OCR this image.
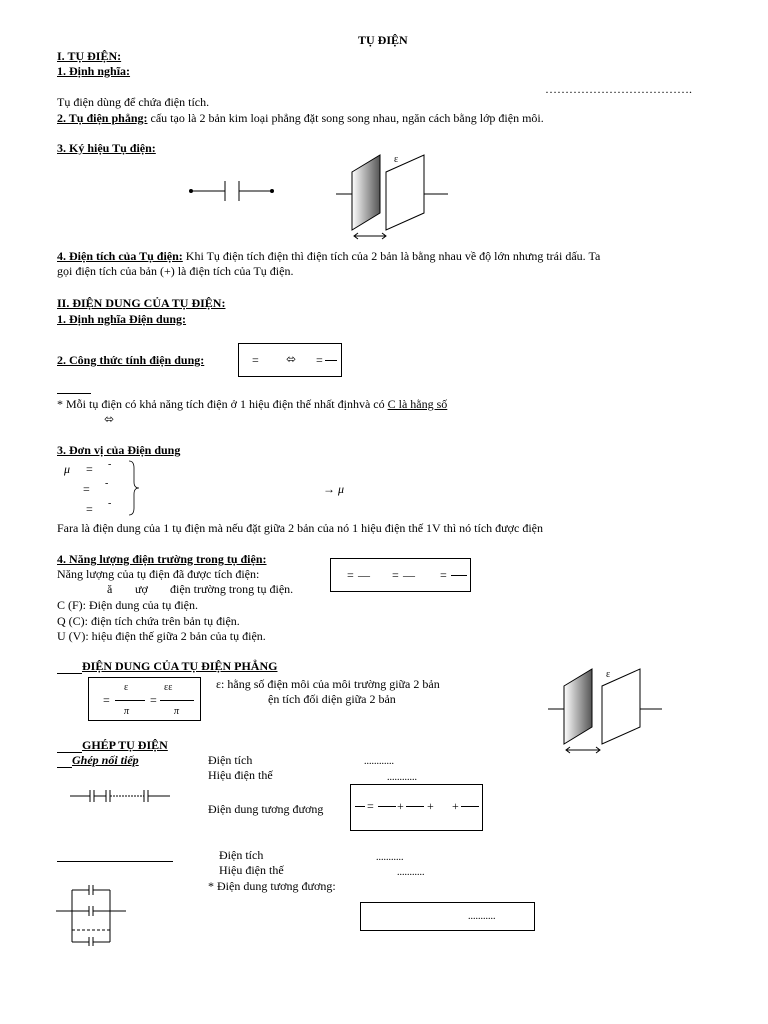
TỤ ĐIỆN
I. TỤ ĐIỆN:
1. Định nghĩa:
……………………………….
Tụ điện dùng để chứa điện tích.
2. Tụ điện phẳng: cấu tạo là 2 bản kim loại phẳng đặt song song nhau, ngăn cách bằng lớp điện môi.
3. Ký hiệu Tụ điện:
ε
4. Điện tích của Tụ điện: Khi Tụ điện tích điện thì điện tích của 2 bản là bằng nhau về độ lớn nhưng trái dấu. Ta
gọi điện tích của bản (+) là điện tích của Tụ điện.
II. ĐIỆN DUNG CỦA TỤ ĐIỆN:
1. Định nghĩa Điện dung:
2. Công thức tính điện dung:	= ⬄ =
* Mỗi tụ điện có khả năng tích điện ở 1 hiệu điện thế nhất địnhvà có C là hằng số
⬄
3. Đơn vị của Điện dung
μ = -
= -
= -
→ μ
Fara là điện dung của 1 tụ điện mà nếu đặt giữa 2 bản của nó 1 hiệu điện thế 1V thì nó tích được điện
4. Năng lượng điện trường trong tụ điện:
Năng lượng của tụ điện đã được tích điện:
ă ượ điện trường trong tụ điện.
C (F): Điện dung của tụ điện.
Q (C): điện tích chứa trên bản tụ điện.
U (V): hiệu điện thế giữa 2 bản của tụ điện.
= — = — =
ĐIỆN DUNG CỦA TỤ ĐIỆN PHẲNG
=
ε
π
=
εε
π
ε: hằng số điện môi của môi trường giữa 2 bản
ện tích đối diện giữa 2 bản
ε
GHÉP TỤ ĐIỆN
Ghép nối tiếp	Điện tích	............
Hiệu điện thế	............
Điện dung tương đương	= + + +
Điện tích	...........
Hiệu điện thế	...........
* Điện dung tương đương:
...........
